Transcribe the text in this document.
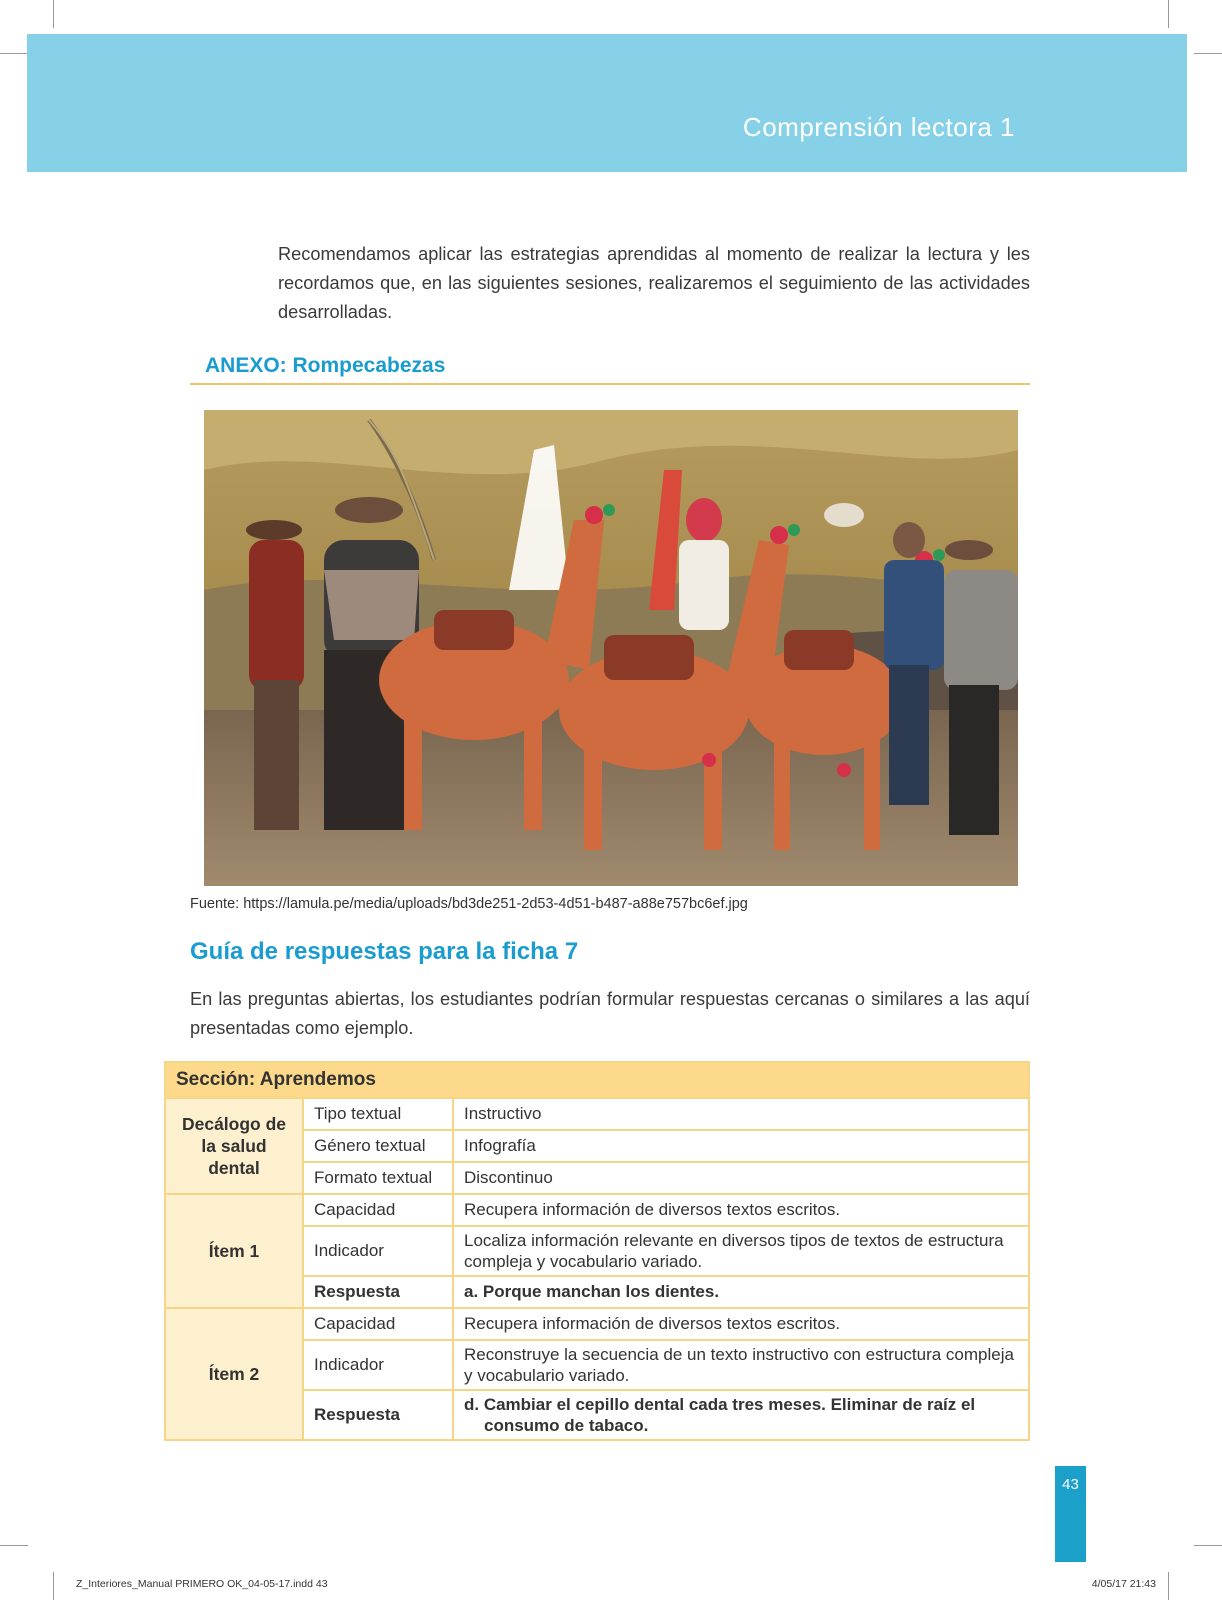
Comprensión lectora 1

Recomendamos aplicar las estrategias aprendidas al momento de realizar la lectura y les recordamos que, en las siguientes sesiones, realizaremos el seguimiento de las actividades desarrolladas.

ANEXO: Rompecabezas
Fuente: https://lamula.pe/media/uploads/bd3de251-2d53-4d51-b487-a88e757bc6ef.jpg
Guía de respuestas para la ficha 7

En las preguntas abiertas, los estudiantes podrían formular respuestas cercanas o similares a las aquí presentadas como ejemplo.

Sección: Aprendemos		
Decálogo de la salud dental	Tipo textual	Instructivo
	Género textual	Infografía
	Formato textual	Discontinuo
Ítem 1	Capacidad	Recupera información de diversos textos escritos.
	Indicador	Localiza información relevante en diversos tipos de textos de estructura compleja y vocabulario variado.
	Respuesta	a. Porque manchan los dientes.
Ítem 2	Capacidad	Recupera información de diversos textos escritos.
	Indicador	Reconstruye la secuencia de un texto instructivo con estructura compleja y vocabulario variado.
	Respuesta	d. Cambiar el cepillo dental cada tres meses. Eliminar de raíz el
consumo de tabaco.
43
Z_Interiores_Manual PRIMERO OK_04-05-17.indd 43	4/05/17 21:43
